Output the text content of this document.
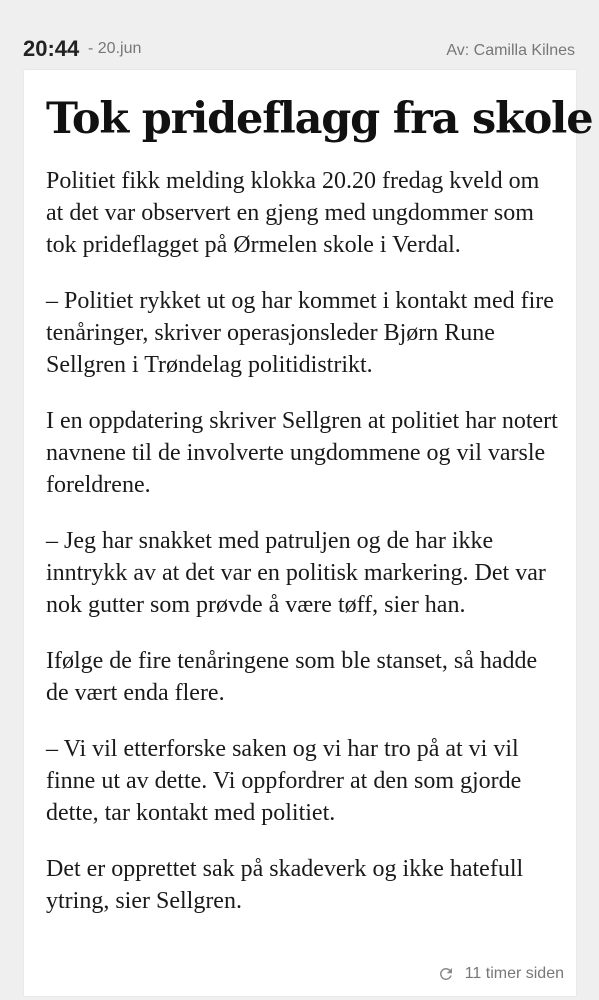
20:44 - 20.jun	Av: Camilla Kilnes
Tok prideflagg fra skole

Politiet fikk melding klokka 20.20 fredag kveld om at det var observert en gjeng med ungdommer som tok prideflagget på Ørmelen skole i Verdal.

– Politiet rykket ut og har kommet i kontakt med fire tenåringer, skriver operasjonsleder Bjørn Rune Sellgren i Trøndelag politidistrikt.

I en oppdatering skriver Sellgren at politiet har notert navnene til de involverte ungdommene og vil varsle foreldrene.

– Jeg har snakket med patruljen og de har ikke inntrykk av at det var en politisk markering. Det var nok gutter som prøvde å være tøff, sier han.

Ifølge de fire tenåringene som ble stanset, så hadde de vært enda flere.

– Vi vil etterforske saken og vi har tro på at vi vil finne ut av dette. Vi oppfordrer at den som gjorde dette, tar kontakt med politiet.

Det er opprettet sak på skadeverk og ikke hatefull ytring, sier Sellgren.

11 timer siden
